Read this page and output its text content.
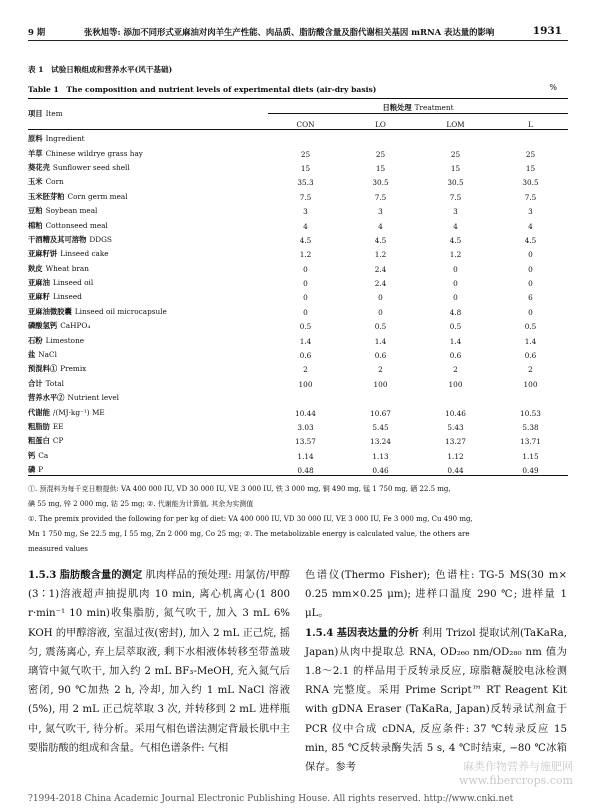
9 期	张秋旭等: 添加不同形式亚麻油对肉羊生产性能、肉品质、脂肪酸含量及脂代谢相关基因 mRNA 表达量的影响	1931
表 1　试验日粮组成和营养水平(风干基础)
Table 1　The composition and nutrient levels of experimental diets (air-dry basis)	%
项目 Item	日粮处理 Treatment			
	CON	LO	LOM	L
原料 Ingredient				
羊草 Chinese wildrye grass hay	25	25	25	25
葵花壳 Sunflower seed shell	15	15	15	15
玉米 Corn	35.3	30.5	30.5	30.5
玉米胚芽粕 Corn germ meal	7.5	7.5	7.5	7.5
豆粕 Soybean meal	3	3	3	3
棉粕 Cottonseed meal	4	4	4	4
干酒糟及其可溶物 DDGS	4.5	4.5	4.5	4.5
亚麻籽饼 Linseed cake	1.2	1.2	1.2	0
麸皮 Wheat bran	0	2.4	0	0
亚麻油 Linseed oil	0	2.4	0	0
亚麻籽 Linseed	0	0	0	6
亚麻油微胶囊 Linseed oil microcapsule	0	0	4.8	0
磷酸氢钙 CaHPO₄	0.5	0.5	0.5	0.5
石粉 Limestone	1.4	1.4	1.4	1.4
盐 NaCl	0.6	0.6	0.6	0.6
预混料① Premix	2	2	2	2
合计 Total	100	100	100	100
营养水平② Nutrient level				
代谢能 /(MJ·kg⁻¹) ME	10.44	10.67	10.46	10.53
粗脂肪 EE	3.03	5.45	5.43	5.38
粗蛋白 CP	13.57	13.24	13.27	13.71
钙 Ca	1.14	1.13	1.12	1.15
磷 P	0.48	0.46	0.44	0.49
①. 预混料为每千克日粮提供: VA 400 000 IU, VD 30 000 IU, VE 3 000 IU, 铁 3 000 mg, 铜 490 mg, 锰 1 750 mg, 硒 22.5 mg,
碘 55 mg, 锌 2 000 mg, 钴 25 mg; ②. 代谢能为计算值, 其余为实测值
①. The premix provided the following for per kg of diet: VA 400 000 IU, VD 30 000 IU, VE 3 000 IU, Fe 3 000 mg, Cu 490 mg,
Mn 1 750 mg, Se 22.5 mg, I 55 mg, Zn 2 000 mg, Co 25 mg; ②. The metabolizable energy is calculated value, the others are
measured values

1.5.3 脂肪酸含量的测定 肌肉样品的预处理: 用氯仿/甲醇(3∶1)溶液超声抽提肌肉 10 min, 离心机离心(1 800 r·min⁻¹ 10 min)收集脂肪, 氮气吹干, 加入 3 mL 6% KOH 的甲醇溶液, 室温过夜(密封), 加入 2 mL 正己烷, 摇匀, 震荡离心, 弃上层萃取液, 剩下水相液体转移至带盖玻璃管中氮气吹干, 加入约 2 mL BF₃-MeOH, 充入氮气后密闭, 90 ℃加热 2 h, 冷却, 加入约 1 mL NaCl 溶液(5%), 用 2 mL 正己烷萃取 3 次, 并转移到 2 mL 进样瓶中, 氮气吹干, 待分析。采用气相色谱法测定背最长肌中主要脂肪酸的组成和含量。气相色谱条件: 气相

色谱仪(Thermo Fisher); 色谱柱: TG-5 MS(30 m× 0.25 mm×0.25 μm); 进样口温度 290 ℃; 进样量 1 μL。

1.5.4 基因表达量的分析 利用 Trizol 提取试剂(TaKaRa, Japan)从肉中提取总 RNA, OD₂₆₀ nm/OD₂₈₀ nm 值为 1.8～2.1 的样品用于反转录反应, 琼脂糖凝胶电泳检测 RNA 完整度。采用 Prime Script™ RT Reagent Kit with gDNA Eraser (TaKaRa, Japan)反转录试剂盒于 PCR 仪中合成 cDNA, 反应条件: 37 ℃转录反应 15 min, 85 ℃反转录酶失活 5 s, 4 ℃时结束, −80 ℃冰箱保存。参考	麻类作物营养与施肥网
www.fibercrops.com
?1994-2018 China Academic Journal Electronic Publishing House. All rights reserved. http://www.cnki.net
